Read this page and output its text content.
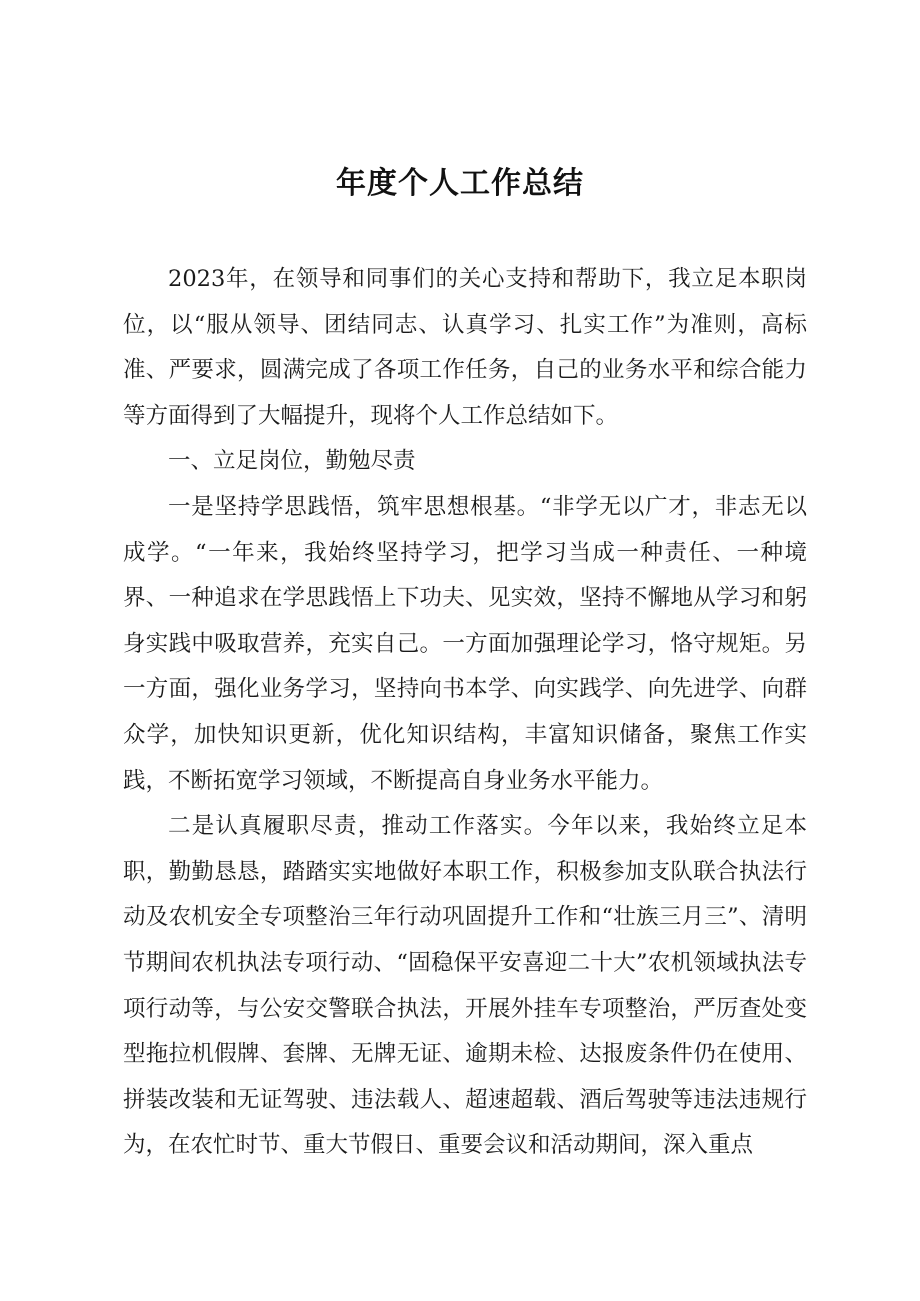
年度个人工作总结

2023年，在领导和同事们的关心支持和帮助下，我立足本职岗位，以“服从领导、团结同志、认真学习、扎实工作”为准则，高标准、严要求，圆满完成了各项工作任务，自己的业务水平和综合能力等方面得到了大幅提升，现将个人工作总结如下。

一、立足岗位，勤勉尽责

一是坚持学思践悟，筑牢思想根基。“非学无以广才，非志无以成学。“一年来，我始终坚持学习，把学习当成一种责任、一种境界、一种追求在学思践悟上下功夫、见实效，坚持不懈地从学习和躬身实践中吸取营养，充实自己。一方面加强理论学习，恪守规矩。另一方面，强化业务学习，坚持向书本学、向实践学、向先进学、向群众学，加快知识更新，优化知识结构，丰富知识储备，聚焦工作实践，不断拓宽学习领域，不断提高自身业务水平能力。

二是认真履职尽责，推动工作落实。今年以来，我始终立足本职，勤勤恳恳，踏踏实实地做好本职工作，积极参加支队联合执法行动及农机安全专项整治三年行动巩固提升工作和“壮族三月三”、清明节期间农机执法专项行动、“固稳保平安喜迎二十大”农机领域执法专项行动等，与公安交警联合执法，开展外挂车专项整治，严厉查处变型拖拉机假牌、套牌、无牌无证、逾期未检、达报废条件仍在使用、拼装改装和无证驾驶、违法载人、超速超载、酒后驾驶等违法违规行为，在农忙时节、重大节假日、重要会议和活动期间，深入重点
